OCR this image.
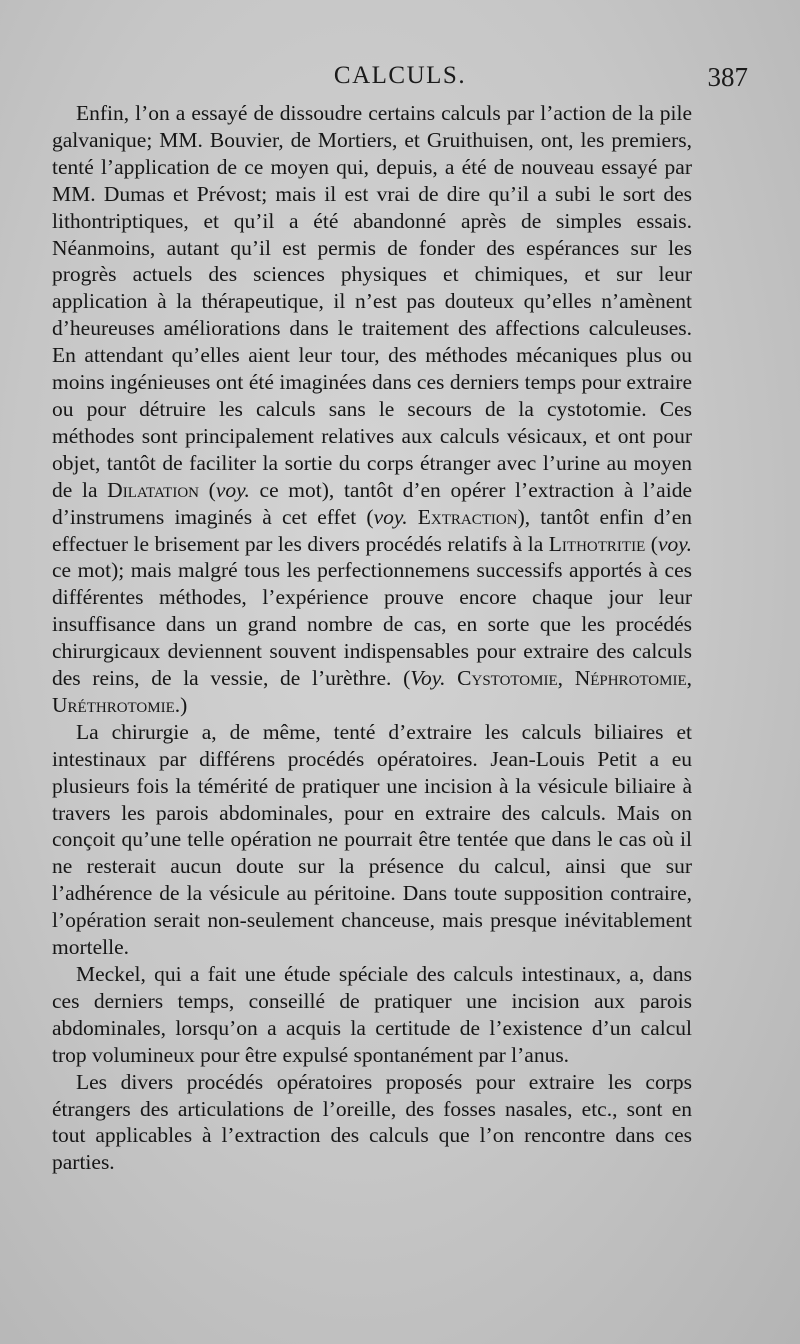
CALCULS.	387

Enfin, l’on a essayé de dissoudre certains calculs par l’action de la pile galvanique; MM. Bouvier, de Mortiers, et Gruithuisen, ont, les premiers, tenté l’application de ce moyen qui, depuis, a été de nouveau essayé par MM. Dumas et Prévost; mais il est vrai de dire qu’il a subi le sort des lithontriptiques, et qu’il a été abandonné après de simples essais. Néanmoins, autant qu’il est permis de fonder des espérances sur les progrès actuels des sciences physiques et chimiques, et sur leur application à la thérapeutique, il n’est pas douteux qu’elles n’amènent d’heureuses améliorations dans le traitement des affections calculeuses. En attendant qu’elles aient leur tour, des méthodes mécaniques plus ou moins ingénieuses ont été imaginées dans ces derniers temps pour extraire ou pour détruire les calculs sans le secours de la cystotomie. Ces méthodes sont principalement relatives aux calculs vésicaux, et ont pour objet, tantôt de faciliter la sortie du corps étranger avec l’urine au moyen de la Dilatation (voy. ce mot), tantôt d’en opérer l’extraction à l’aide d’instrumens imaginés à cet effet (voy. Extraction), tantôt enfin d’en effectuer le brisement par les divers procédés relatifs à la Lithotritie (voy. ce mot); mais malgré tous les perfectionnemens successifs apportés à ces différentes méthodes, l’expérience prouve encore chaque jour leur insuffisance dans un grand nombre de cas, en sorte que les procédés chirurgicaux deviennent souvent indispensables pour extraire des calculs des reins, de la vessie, de l’urèthre. (Voy. Cystotomie, Néphrotomie, Uréthrotomie.)

La chirurgie a, de même, tenté d’extraire les calculs biliaires et intestinaux par différens procédés opératoires. Jean-Louis Petit a eu plusieurs fois la témérité de pratiquer une incision à la vésicule biliaire à travers les parois abdominales, pour en extraire des calculs. Mais on conçoit qu’une telle opération ne pourrait être tentée que dans le cas où il ne resterait aucun doute sur la présence du calcul, ainsi que sur l’adhérence de la vésicule au péritoine. Dans toute supposition contraire, l’opération serait non-seulement chanceuse, mais presque inévitablement mortelle.

Meckel, qui a fait une étude spéciale des calculs intestinaux, a, dans ces derniers temps, conseillé de pratiquer une incision aux parois abdominales, lorsqu’on a acquis la certitude de l’existence d’un calcul trop volumineux pour être expulsé spontanément par l’anus.

Les divers procédés opératoires proposés pour extraire les corps étrangers des articulations de l’oreille, des fosses nasales, etc., sont en tout applicables à l’extraction des calculs que l’on rencontre dans ces parties.
